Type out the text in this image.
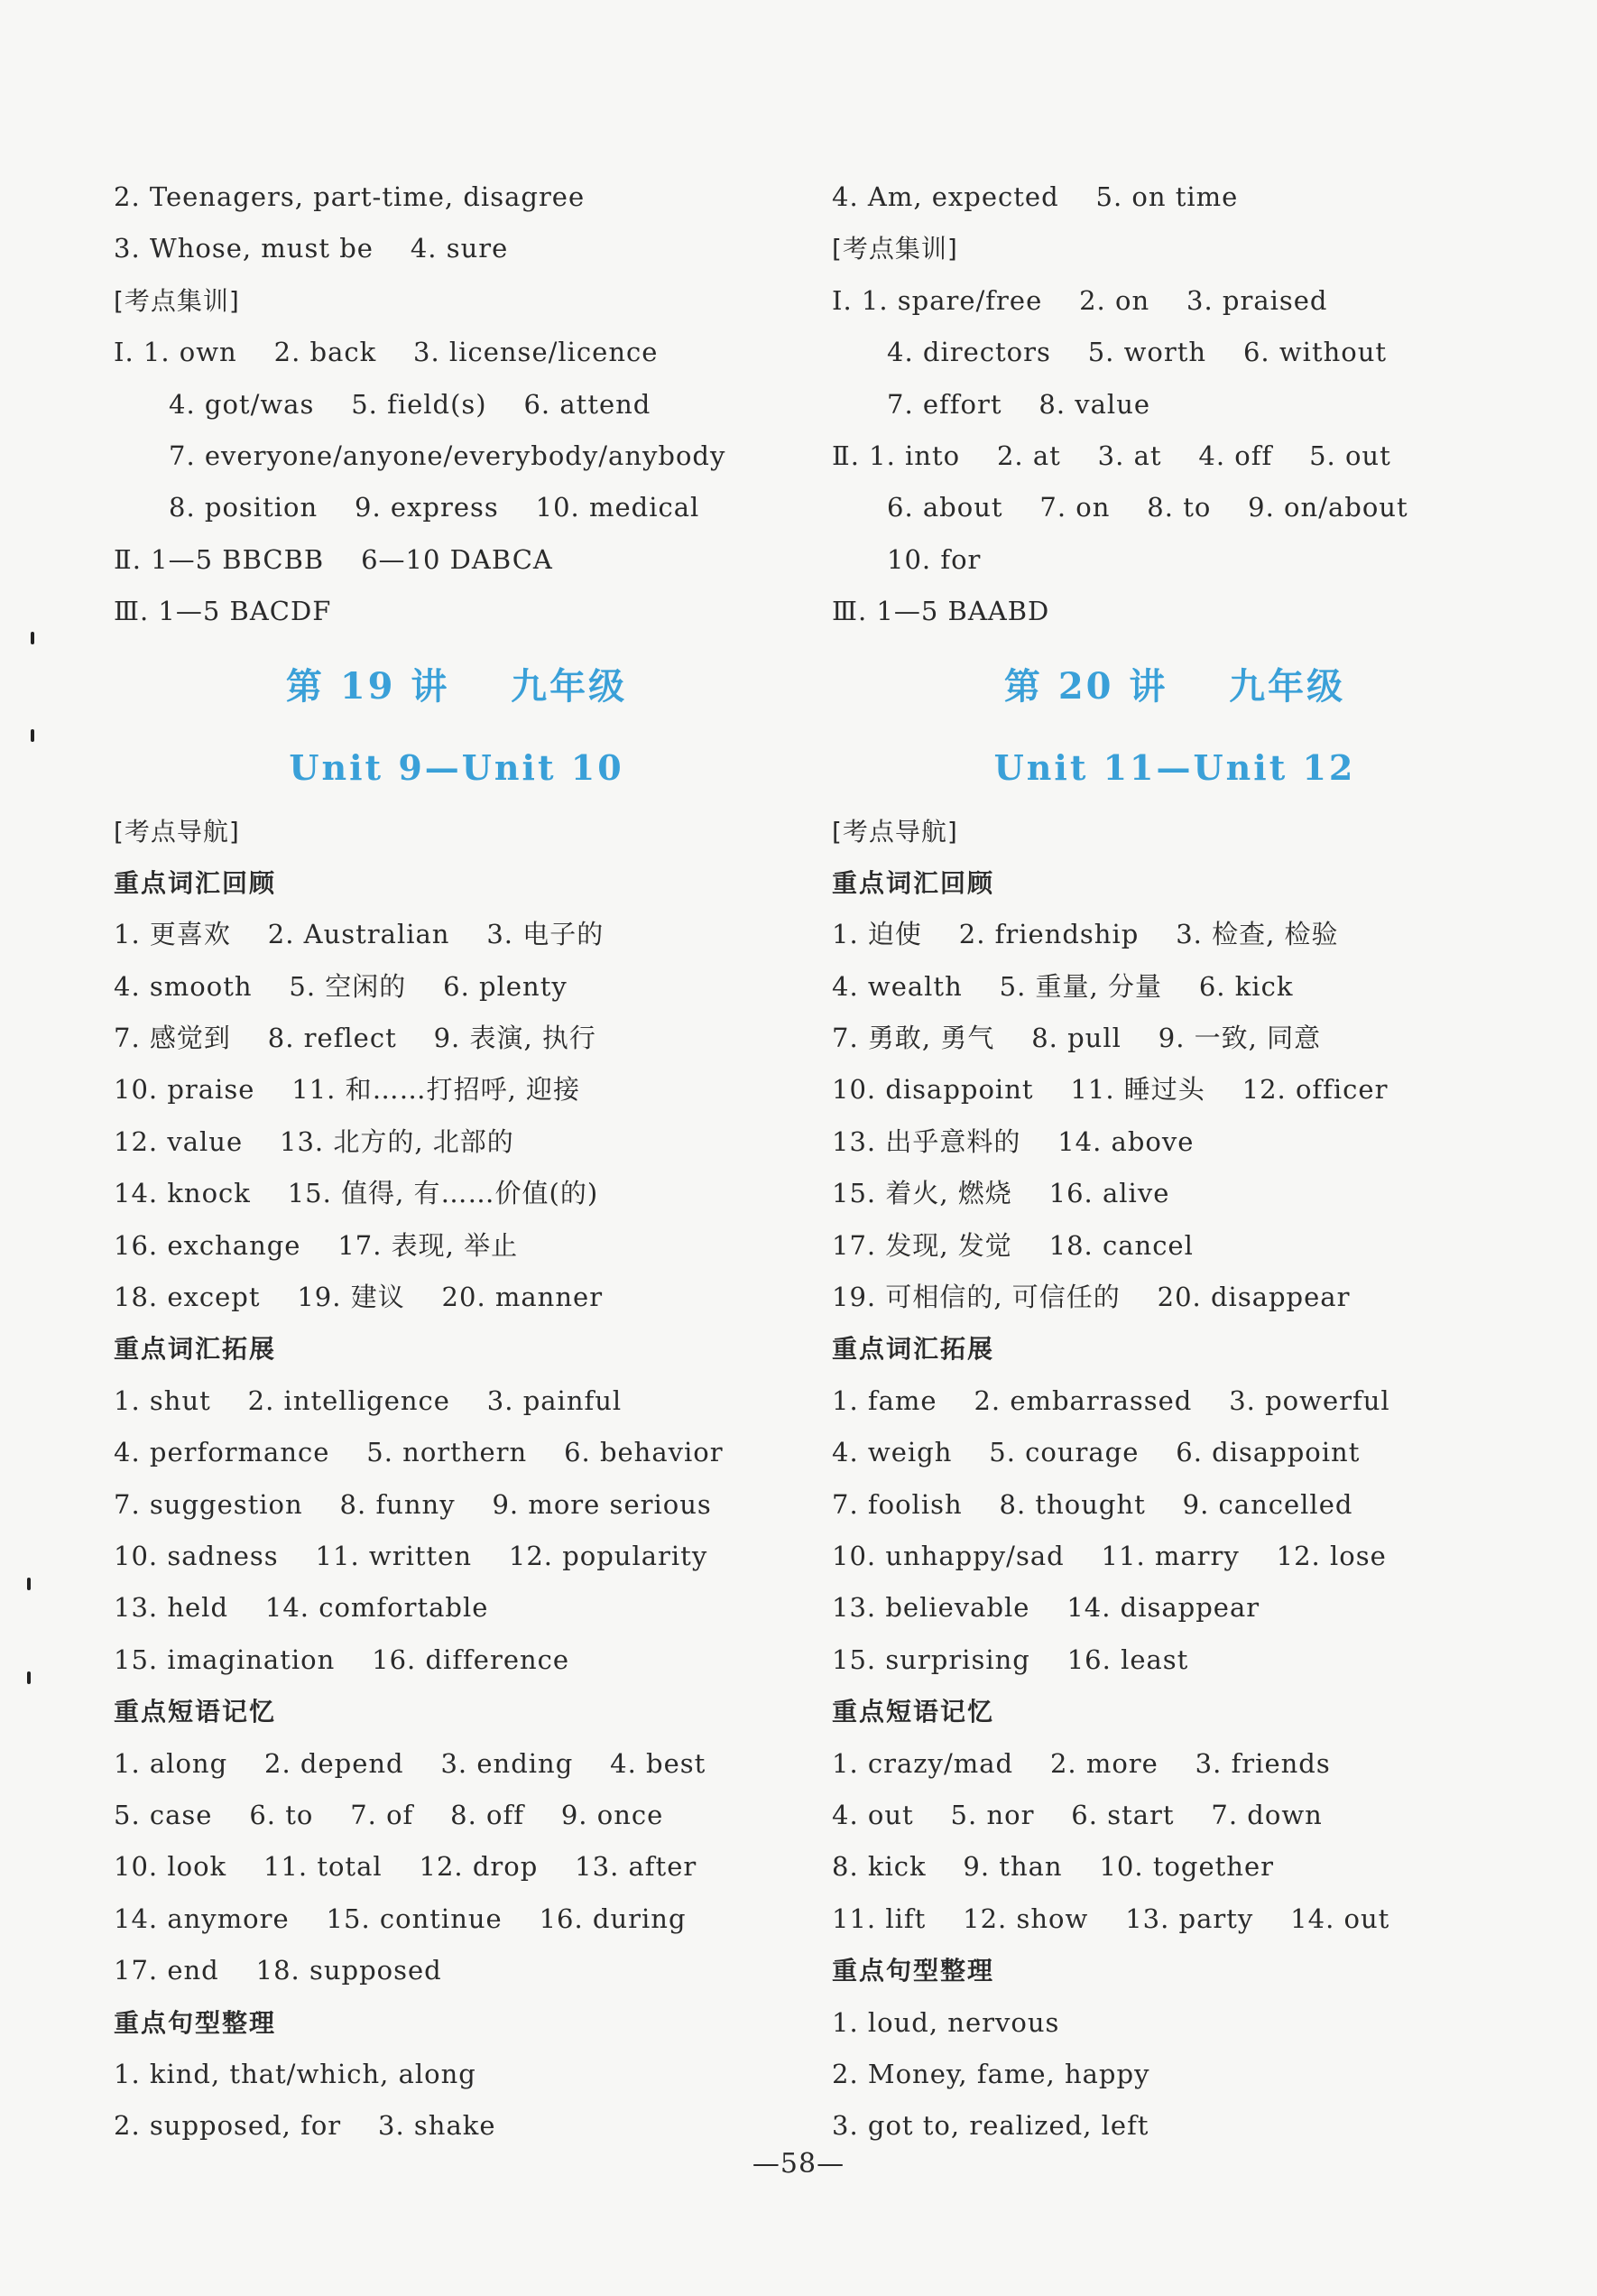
2. Teenagers, part-time, disagree
3. Whose, must be    4. sure
[考点集训]
Ⅰ. 1. own    2. back    3. license/licence
4. got/was    5. field(s)    6. attend
7. everyone/anyone/everybody/anybody
8. position    9. express    10. medical
Ⅱ. 1—5 BBCBB    6—10 DABCA
Ⅲ. 1—5 BACDF
第 19 讲    九年级
Unit 9—Unit 10
[考点导航]
重点词汇回顾
1. 更喜欢    2. Australian    3. 电子的
4. smooth    5. 空闲的    6. plenty
7. 感觉到    8. reflect    9. 表演, 执行
10. praise    11. 和……打招呼, 迎接
12. value    13. 北方的, 北部的
14. knock    15. 值得, 有……价值(的)
16. exchange    17. 表现, 举止
18. except    19. 建议    20. manner
重点词汇拓展
1. shut    2. intelligence    3. painful
4. performance    5. northern    6. behavior
7. suggestion    8. funny    9. more serious
10. sadness    11. written    12. popularity
13. held    14. comfortable
15. imagination    16. difference
重点短语记忆
1. along    2. depend    3. ending    4. best
5. case    6. to    7. of    8. off    9. once
10. look    11. total    12. drop    13. after
14. anymore    15. continue    16. during
17. end    18. supposed
重点句型整理
1. kind, that/which, along
2. supposed, for    3. shake
4. Am, expected    5. on time
[考点集训]
Ⅰ. 1. spare/free    2. on    3. praised
4. directors    5. worth    6. without
7. effort    8. value
Ⅱ. 1. into    2. at    3. at    4. off    5. out
6. about    7. on    8. to    9. on/about
10. for
Ⅲ. 1—5 BAABD
第 20 讲    九年级
Unit 11—Unit 12
[考点导航]
重点词汇回顾
1. 迫使    2. friendship    3. 检查, 检验
4. wealth    5. 重量, 分量    6. kick
7. 勇敢, 勇气    8. pull    9. 一致, 同意
10. disappoint    11. 睡过头    12. officer
13. 出乎意料的    14. above
15. 着火, 燃烧    16. alive
17. 发现, 发觉    18. cancel
19. 可相信的, 可信任的    20. disappear
重点词汇拓展
1. fame    2. embarrassed    3. powerful
4. weigh    5. courage    6. disappoint
7. foolish    8. thought    9. cancelled
10. unhappy/sad    11. marry    12. lose
13. believable    14. disappear
15. surprising    16. least
重点短语记忆
1. crazy/mad    2. more    3. friends
4. out    5. nor    6. start    7. down
8. kick    9. than    10. together
11. lift    12. show    13. party    14. out
重点句型整理
1. loud, nervous
2. Money, fame, happy
3. got to, realized, left
—58—
